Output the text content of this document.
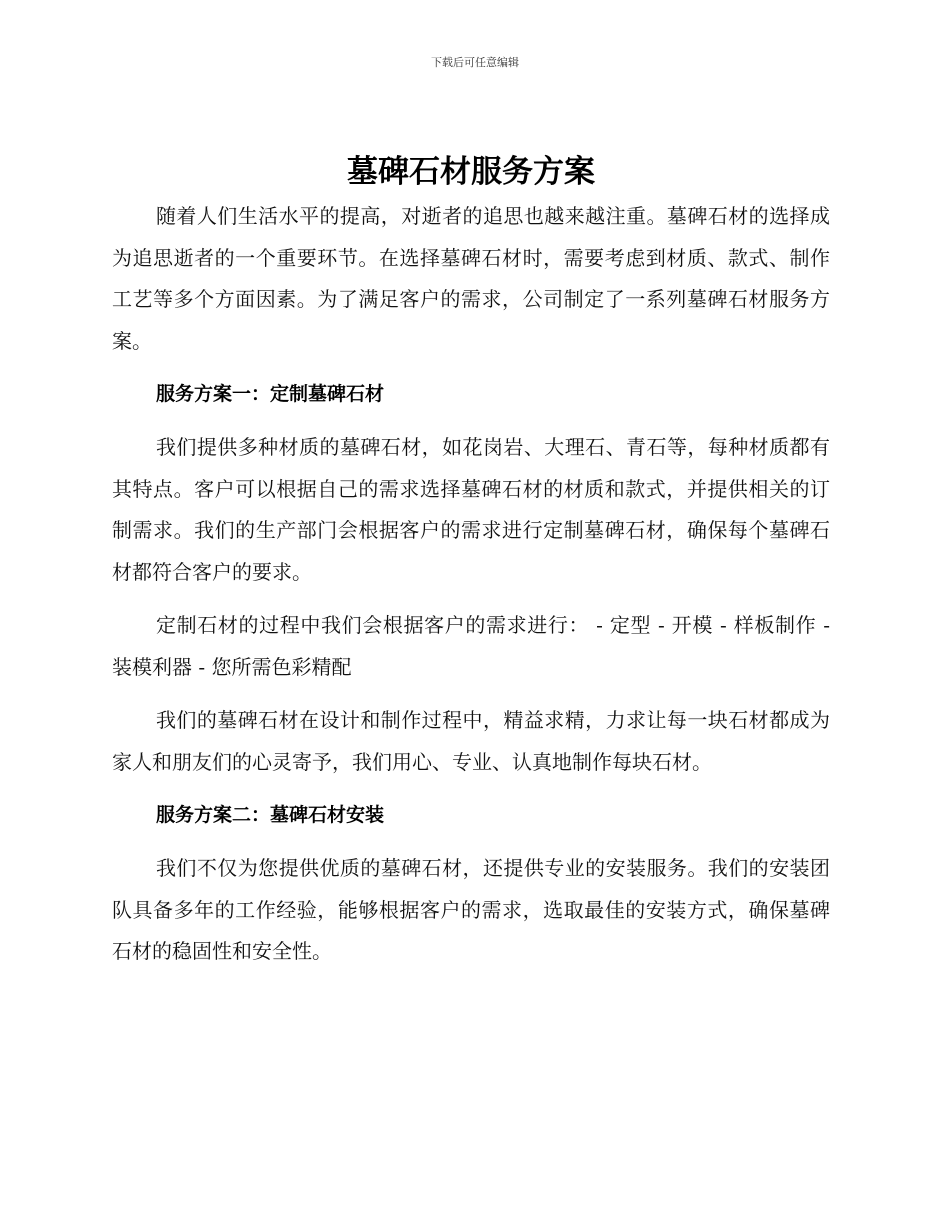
下载后可任意编辑
墓碑石材服务方案

随着人们生活水平的提高，对逝者的追思也越来越注重。墓碑石材的选择成为追思逝者的一个重要环节。在选择墓碑石材时，需要考虑到材质、款式、制作工艺等多个方面因素。为了满足客户的需求，公司制定了一系列墓碑石材服务方案。

服务方案一：定制墓碑石材

我们提供多种材质的墓碑石材，如花岗岩、大理石、青石等，每种材质都有其特点。客户可以根据自己的需求选择墓碑石材的材质和款式，并提供相关的订制需求。我们的生产部门会根据客户的需求进行定制墓碑石材，确保每个墓碑石材都符合客户的要求。

定制石材的过程中我们会根据客户的需求进行： - 定型 - 开模 - 样板制作 - 装模利器 - 您所需色彩精配

我们的墓碑石材在设计和制作过程中，精益求精，力求让每一块石材都成为家人和朋友们的心灵寄予，我们用心、专业、认真地制作每块石材。

服务方案二：墓碑石材安装

我们不仅为您提供优质的墓碑石材，还提供专业的安装服务。我们的安装团队具备多年的工作经验，能够根据客户的需求，选取最佳的安装方式，确保墓碑石材的稳固性和安全性。
